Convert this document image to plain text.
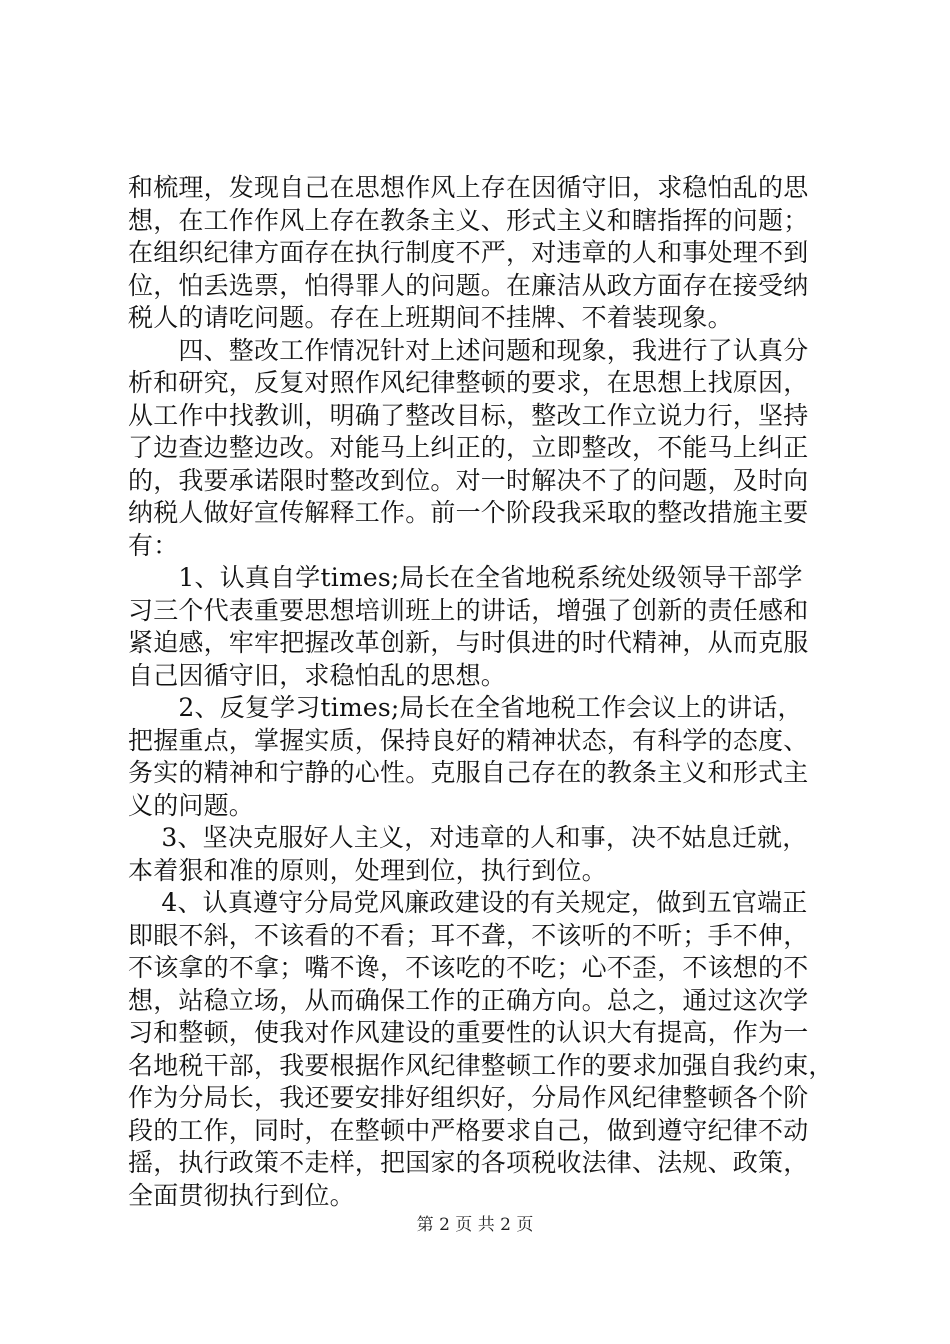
和梳理，发现自己在思想作风上存在因循守旧，求稳怕乱的思
想，在工作作风上存在教条主义、形式主义和瞎指挥的问题；
在组织纪律方面存在执行制度不严，对违章的人和事处理不到
位，怕丢选票，怕得罪人的问题。在廉洁从政方面存在接受纳
税人的请吃问题。存在上班期间不挂牌、不着装现象。
　　四、整改工作情况针对上述问题和现象，我进行了认真分
析和研究，反复对照作风纪律整顿的要求，在思想上找原因，
从工作中找教训，明确了整改目标，整改工作立说力行，坚持
了边查边整边改。对能马上纠正的，立即整改，不能马上纠正
的，我要承诺限时整改到位。对一时解决不了的问题，及时向
纳税人做好宣传解释工作。前一个阶段我采取的整改措施主要
有：
　　1、认真自学times;局长在全省地税系统处级领导干部学
习三个代表重要思想培训班上的讲话，增强了创新的责任感和
紧迫感，牢牢把握改革创新，与时俱进的时代精神，从而克服
自己因循守旧，求稳怕乱的思想。
　　2、反复学习times;局长在全省地税工作会议上的讲话，
把握重点，掌握实质，保持良好的精神状态，有科学的态度、
务实的精神和宁静的心性。克服自己存在的教条主义和形式主
义的问题。
　 3、坚决克服好人主义，对违章的人和事，决不姑息迁就，
本着狠和准的原则，处理到位，执行到位。
　 4、认真遵守分局党风廉政建设的有关规定，做到五官端正
即眼不斜，不该看的不看；耳不聋，不该听的不听；手不伸，
不该拿的不拿；嘴不谗，不该吃的不吃；心不歪，不该想的不
想，站稳立场，从而确保工作的正确方向。总之，通过这次学
习和整顿，使我对作风建设的重要性的认识大有提高，作为一
名地税干部，我要根据作风纪律整顿工作的要求加强自我约束，
作为分局长，我还要安排好组织好，分局作风纪律整顿各个阶
段的工作，同时，在整顿中严格要求自己，做到遵守纪律不动
摇，执行政策不走样，把国家的各项税收法律、法规、政策，
全面贯彻执行到位。
第 2 页 共 2 页
